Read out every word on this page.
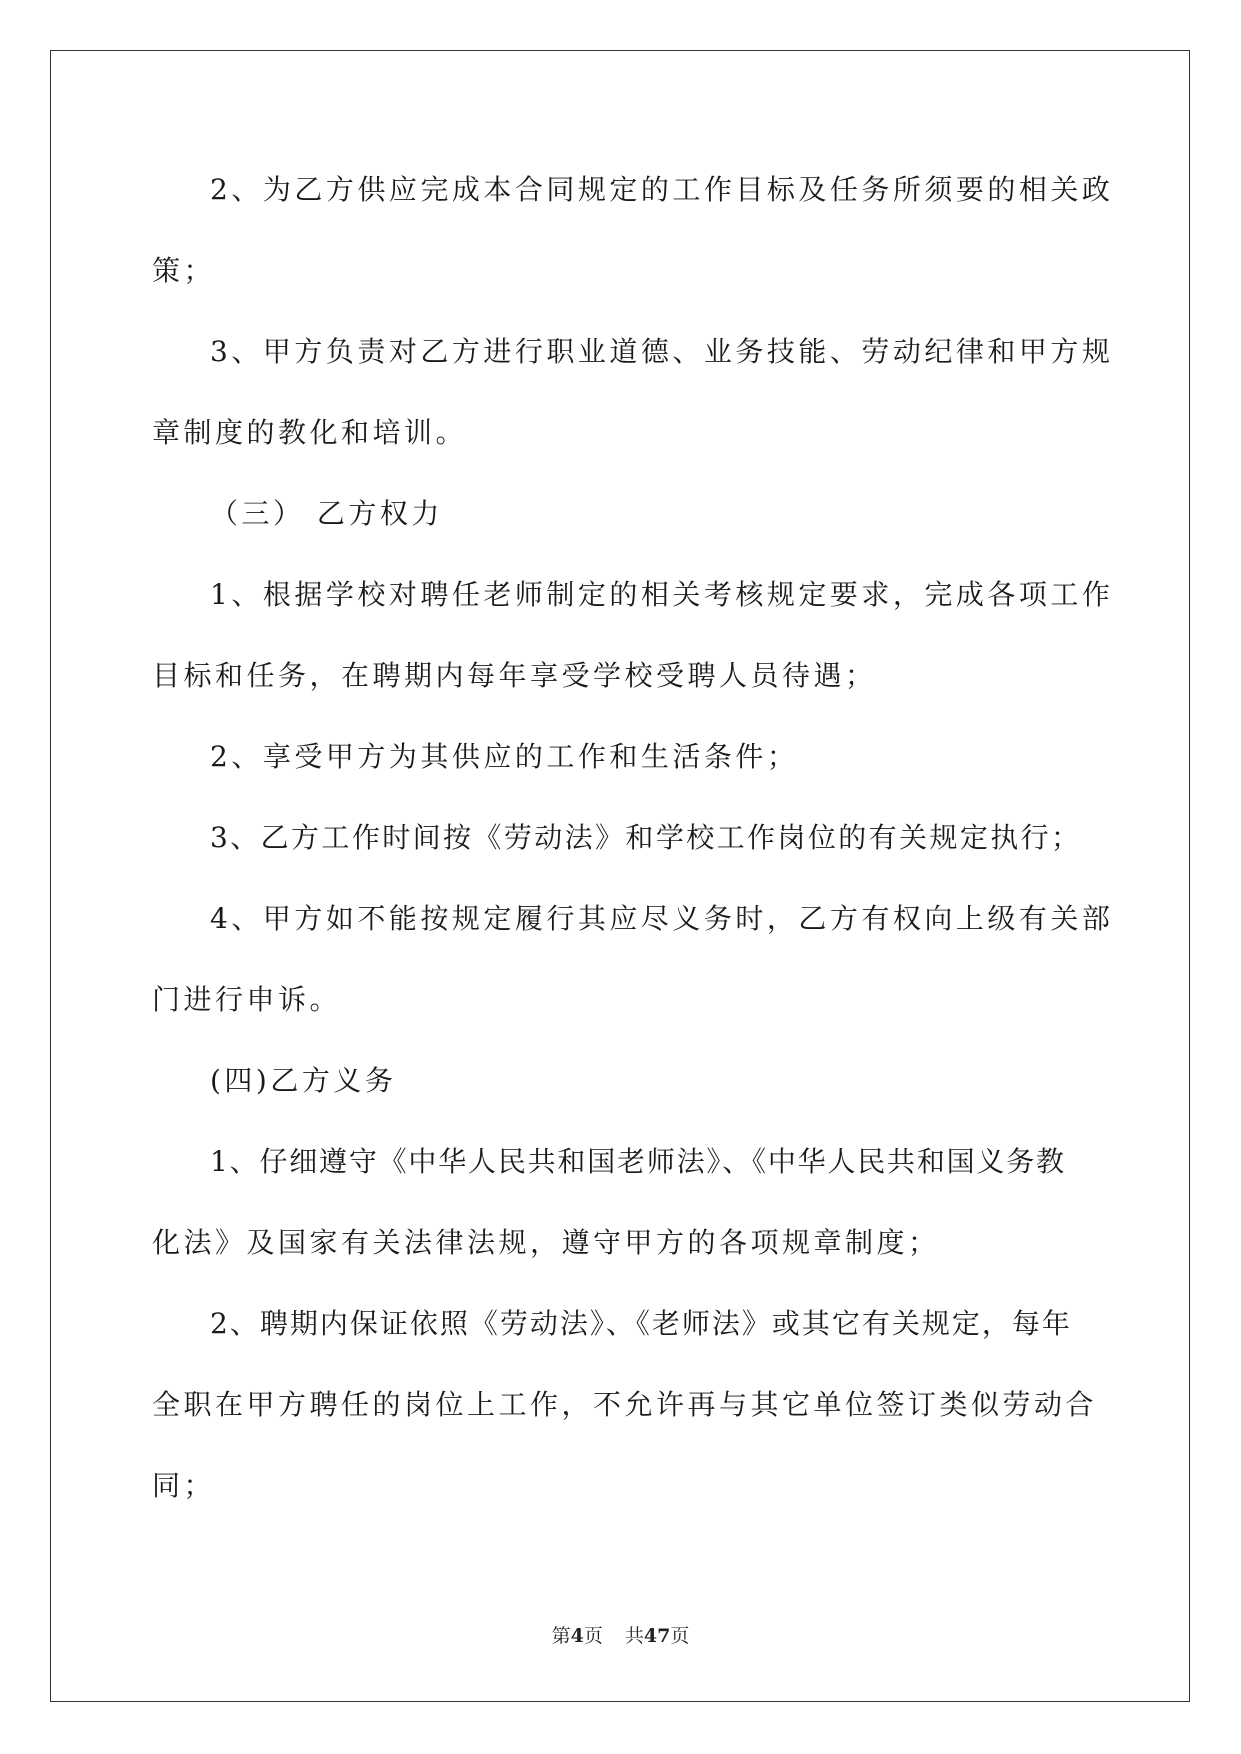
2、为乙方供应完成本合同规定的工作目标及任务所须要的相关政
策；
3、甲方负责对乙方进行职业道德、业务技能、劳动纪律和甲方规
章制度的教化和培训。
（三） 乙方权力
1、根据学校对聘任老师制定的相关考核规定要求，完成各项工作
目标和任务，在聘期内每年享受学校受聘人员待遇；
2、享受甲方为其供应的工作和生活条件；
3、乙方工作时间按《劳动法》和学校工作岗位的有关规定执行；
4、甲方如不能按规定履行其应尽义务时，乙方有权向上级有关部
门进行申诉。
(四)乙方义务
1、仔细遵守《中华人民共和国老师法》、《中华人民共和国义务教
化法》及国家有关法律法规，遵守甲方的各项规章制度；
2、聘期内保证依照《劳动法》、《老师法》或其它有关规定，每年
全职在甲方聘任的岗位上工作，不允许再与其它单位签订类似劳动合
同；
第4页 共47页
